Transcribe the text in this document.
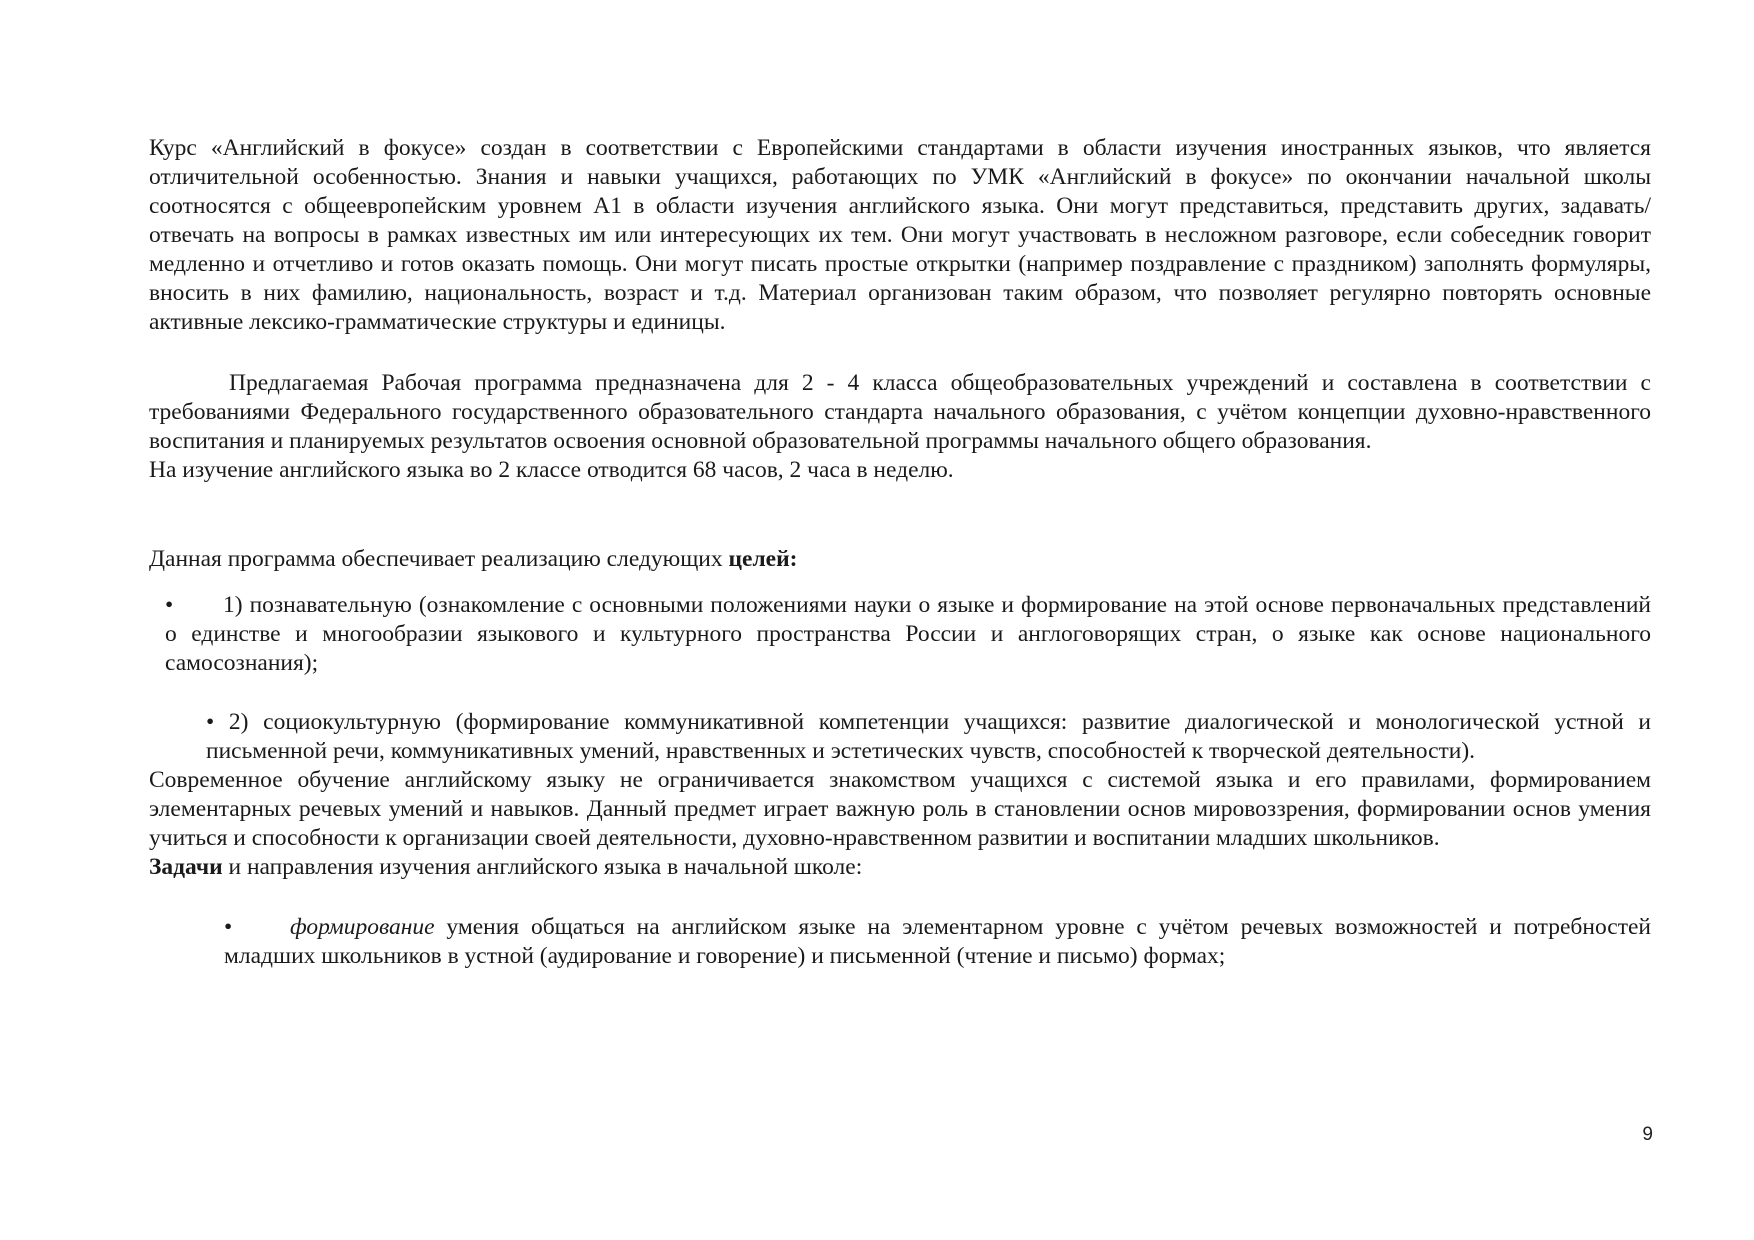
Курс «Английский в фокусе» создан в соответствии с Европейскими стандартами в области изучения иностранных языков, что является отличительной особенностью. Знания и навыки учащихся, работающих по УМК «Английский в фокусе» по окончании начальной школы соотносятся с общеевропейским уровнем А1 в области изучения английского языка. Они могут представиться, представить других, задавать/отвечать на вопросы в рамках известных им или интересующих их тем. Они могут участвовать в несложном разговоре, если собеседник говорит медленно и отчетливо и готов оказать помощь. Они могут писать простые открытки (например поздравление с праздником) заполнять формуляры, вносить в них фамилию, национальность, возраст и т.д. Материал организован таким образом, что позволяет регулярно повторять основные активные лексико-грамматические структуры и единицы.

Предлагаемая Рабочая программа предназначена для 2 - 4 класса общеобразовательных учреждений и составлена в соответствии с требованиями Федерального государственного образовательного стандарта начального образования, с учётом концепции духовно-нравственного воспитания и планируемых результатов освоения основной образовательной программы начального общего образования.

На изучение английского языка во 2 классе отводится 68 часов, 2 часа в неделю.

Данная программа обеспечивает реализацию следующих целей:

•	1) познавательную (ознакомление с основными положениями науки о языке и формирование на этой основе первоначальных представлений о единстве и многообразии языкового и культурного пространства России и англоговорящих стран, о языке как основе национального самосознания);

• 2) социокультурную (формирование коммуникативной компетенции учащихся: развитие диалогической и монологической устной и письменной речи, коммуникативных умений, нравственных и эстетических чувств, способностей к творческой деятельности).

Современное обучение английскому языку не ограничивается знакомством учащихся с системой языка и его правилами, формированием элементарных речевых умений и навыков. Данный предмет играет важную роль в становлении основ мировоззрения, формировании основ умения учиться и способности к организации своей деятельности, духовно-нравственном развитии и воспитании младших школьников.

Задачи и направления изучения английского языка в начальной школе:

• формирование умения общаться на английском языке на элементарном уровне с учётом речевых возможностей и потребностей младших школьников в устной (аудирование и говорение) и письменной (чтение и письмо) формах;

9
